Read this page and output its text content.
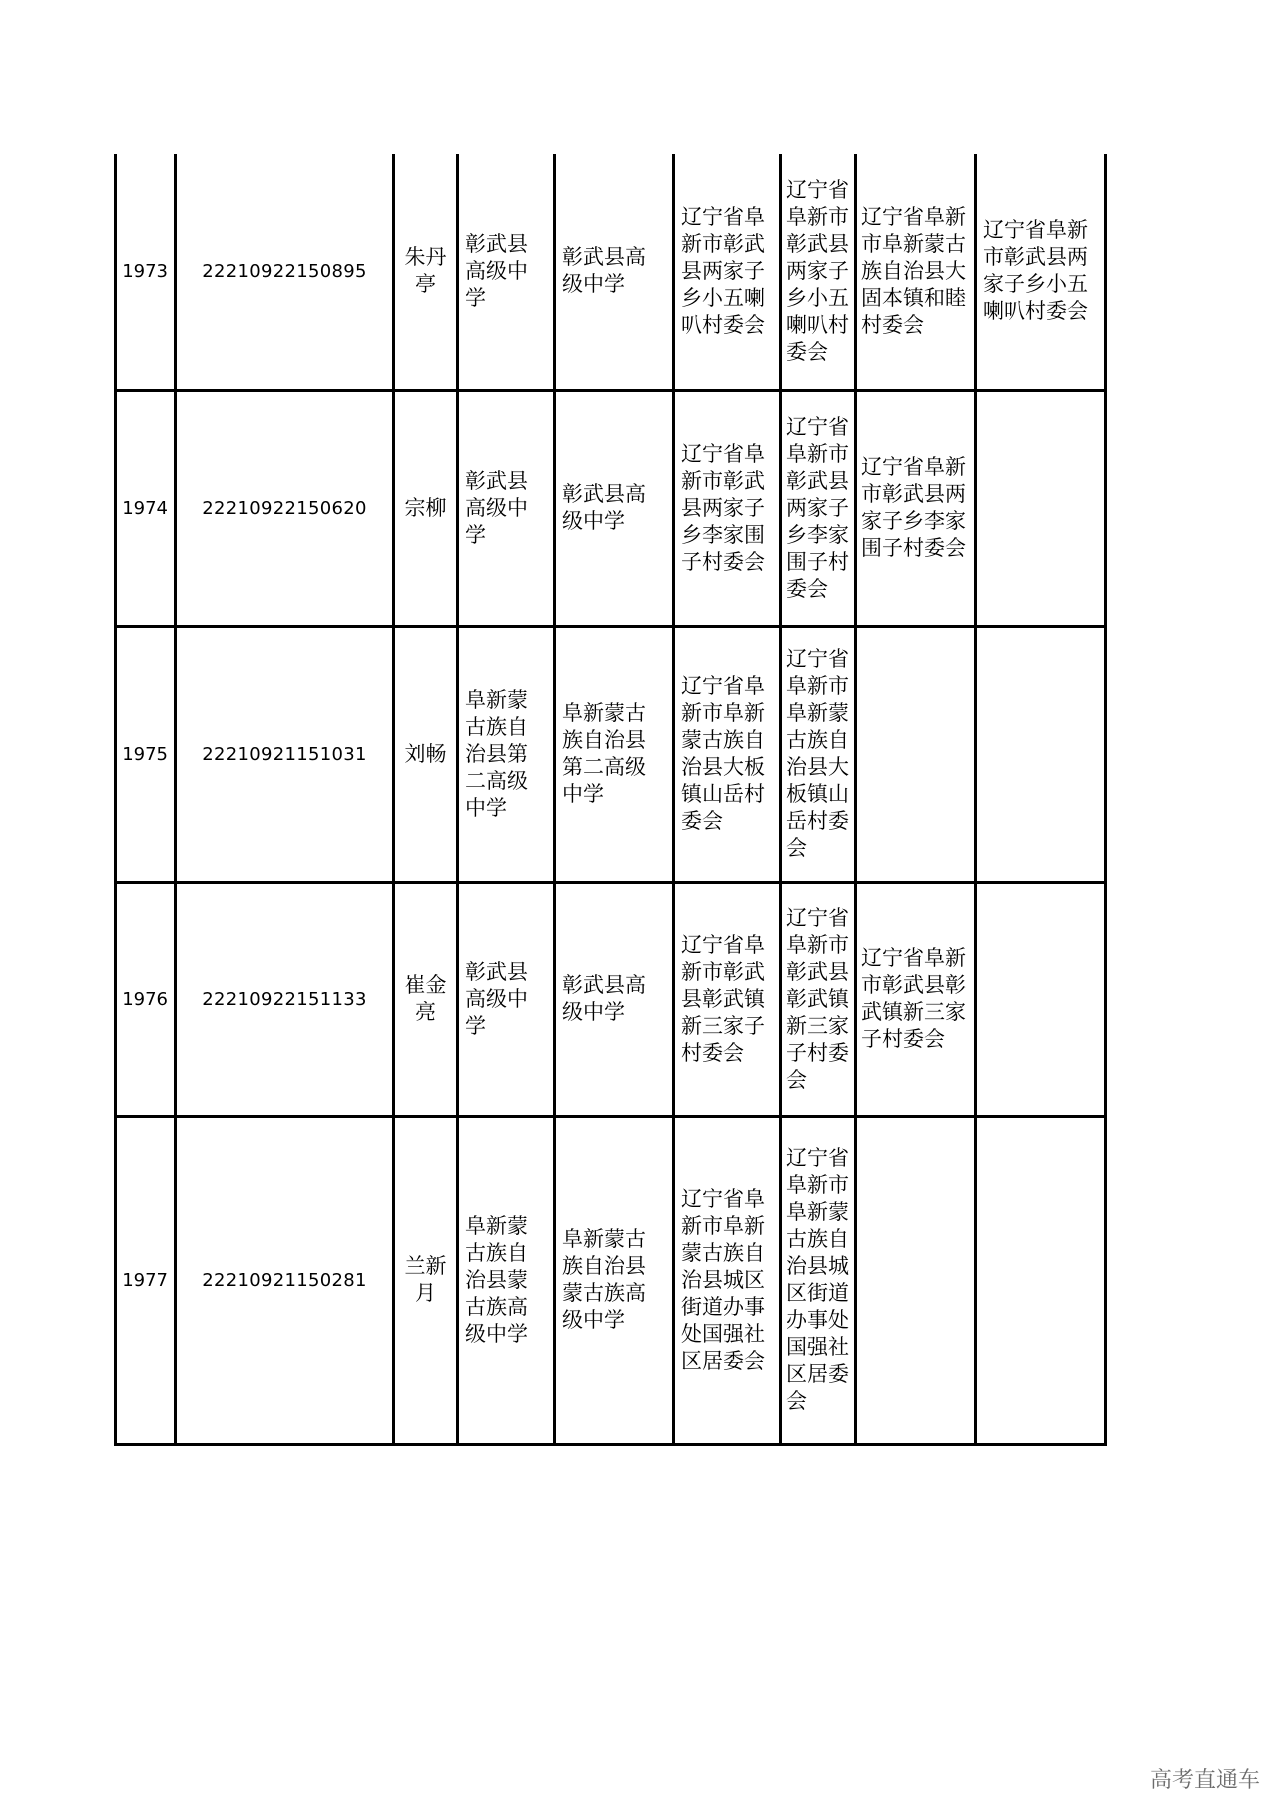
1973	22210922150895	朱丹亭	彰武县高级中学	彰武县高级中学	辽宁省阜新市彰武县两家子乡小五喇叭村委会	辽宁省阜新市彰武县两家子乡小五喇叭村委会	辽宁省阜新市阜新蒙古族自治县大固本镇和睦村委会	辽宁省阜新市彰武县两家子乡小五喇叭村委会
1974	22210922150620	宗柳	彰武县高级中学	彰武县高级中学	辽宁省阜新市彰武县两家子乡李家围子村委会	辽宁省阜新市彰武县两家子乡李家围子村委会	辽宁省阜新市彰武县两家子乡李家围子村委会	
1975	22210921151031	刘畅	阜新蒙古族自治县第二高级中学	阜新蒙古族自治县第二高级中学	辽宁省阜新市阜新蒙古族自治县大板镇山岳村委会	辽宁省阜新市阜新蒙古族自治县大板镇山岳村委会		
1976	22210922151133	崔金亮	彰武县高级中学	彰武县高级中学	辽宁省阜新市彰武县彰武镇新三家子村委会	辽宁省阜新市彰武县彰武镇新三家子村委会	辽宁省阜新市彰武县彰武镇新三家子村委会	
1977	22210921150281	兰新月	阜新蒙古族自治县蒙古族高级中学	阜新蒙古族自治县蒙古族高级中学	辽宁省阜新市阜新蒙古族自治县城区街道办事处国强社区居委会	辽宁省阜新市阜新蒙古族自治县城区街道办事处国强社区居委会		
高考直通车
